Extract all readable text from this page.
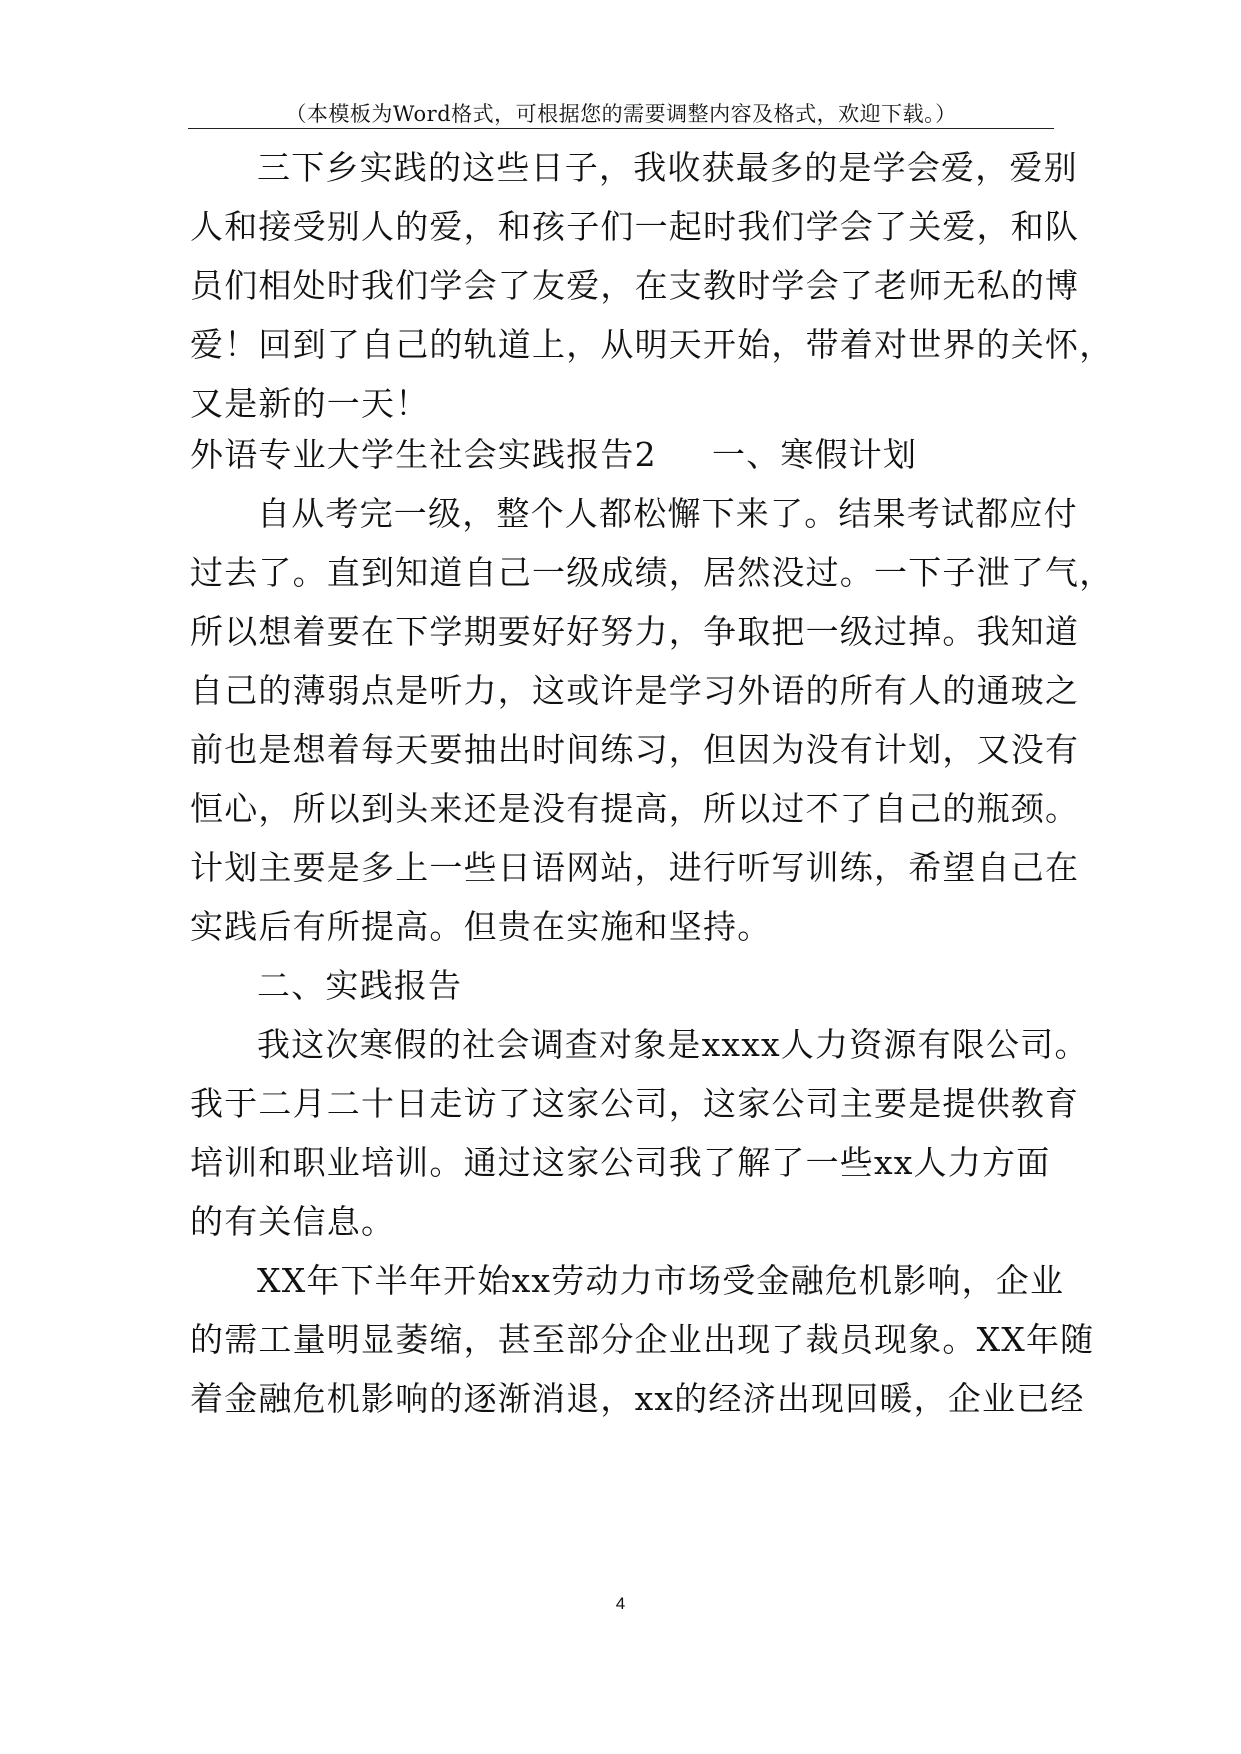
（本模板为Word格式，可根据您的需要调整内容及格式，欢迎下载。）
三下乡实践的这些日子，我收获最多的是学会爱，爱别
人和接受别人的爱，和孩子们一起时我们学会了关爱，和队
员们相处时我们学会了友爱，在支教时学会了老师无私的博
爱！回到了自己的轨道上，从明天开始，带着对世界的关怀，
又是新的一天！
外语专业大学生社会实践报告2 一、寒假计划
自从考完一级，整个人都松懈下来了。结果考试都应付
过去了。直到知道自己一级成绩，居然没过。一下子泄了气，
所以想着要在下学期要好好努力，争取把一级过掉。我知道
自己的薄弱点是听力，这或许是学习外语的所有人的通玻之
前也是想着每天要抽出时间练习，但因为没有计划，又没有
恒心，所以到头来还是没有提高，所以过不了自己的瓶颈。
计划主要是多上一些日语网站，进行听写训练，希望自己在
实践后有所提高。但贵在实施和坚持。
二、实践报告
我这次寒假的社会调查对象是xxxx人力资源有限公司。
我于二月二十日走访了这家公司，这家公司主要是提供教育
培训和职业培训。通过这家公司我了解了一些xx人力方面
的有关信息。
XX年下半年开始xx劳动力市场受金融危机影响，企业
的需工量明显萎缩，甚至部分企业出现了裁员现象。XX年随
着金融危机影响的逐渐消退，xx的经济出现回暖，企业已经
4
